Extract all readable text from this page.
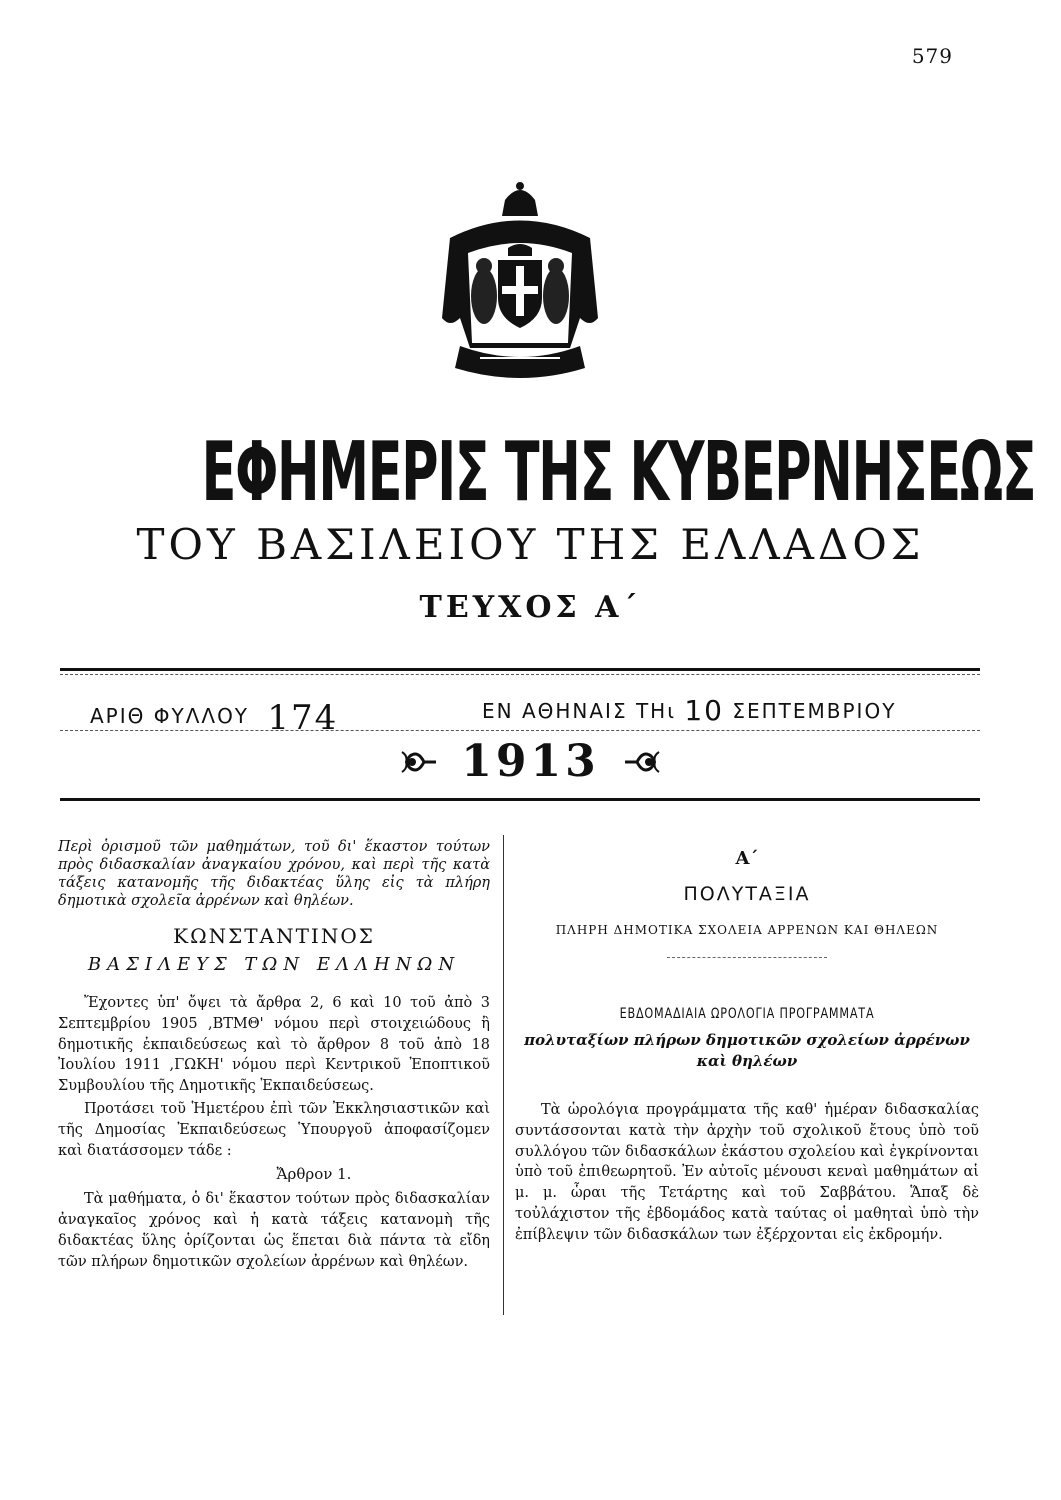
579
ΕΦΗΜΕΡΙΣ ΤΗΣ ΚΥΒΕΡΝΗΣΕΩΣ
ΤΟΥ ΒΑΣΙΛΕΙΟΥ ΤΗΣ ΕΛΛΑΔΟΣ
ΤΕΥΧΟΣ Α΄
ΑΡΙΘ ΦΥΛΛΟΥ 174	ΕΝ ΑΘΗΝΑΙΣ ΤΗι 10 ΣΕΠΤΕΜΒΡΙΟΥ
1913

Περὶ ὁρισμοῦ τῶν μαθημάτων, τοῦ δι' ἕκαστον τούτων πρὸς διδασκαλίαν ἀναγκαίου χρόνου, καὶ περὶ τῆς κατὰ τάξεις κατανομῆς τῆς διδακτέας ὕλης εἰς τὰ πλήρη δημοτικὰ σχολεῖα ἀρρένων καὶ θηλέων.

ΚΩΝΣΤΑΝΤΙΝΟΣ
ΒΑΣΙΛΕΥΣ ΤΩΝ ΕΛΛΗΝΩΝ

Ἔχοντες ὑπ' ὄψει τὰ ἄρθρα 2, 6 καὶ 10 τοῦ ἀπὸ 3 Σεπτεμβρίου 1905 ,ΒΤΜΘ' νόμου περὶ στοιχειώδους ἢ δημοτικῆς ἐκπαιδεύσεως καὶ τὸ ἄρθρον 8 τοῦ ἀπὸ 18 Ἰουλίου 1911 ,ΓΩΚΗ' νόμου περὶ Κεντρικοῦ Ἐποπτικοῦ Συμβουλίου τῆς Δημοτικῆς Ἐκπαιδεύσεως.

Προτάσει τοῦ Ἡμετέρου ἐπὶ τῶν Ἐκκλησιαστικῶν καὶ τῆς Δημοσίας Ἐκπαιδεύσεως Ὑπουργοῦ ἀποφασίζομεν καὶ διατάσσομεν τάδε :

Ἄρθρον 1.

Τὰ μαθήματα, ὁ δι' ἕκαστον τούτων πρὸς διδασκαλίαν ἀναγκαῖος χρόνος καὶ ἡ κατὰ τάξεις κατανομὴ τῆς διδακτέας ὕλης ὁρίζονται ὡς ἕπεται διὰ πάντα τὰ εἴδη τῶν πλήρων δημοτικῶν σχολείων ἀρρένων καὶ θηλέων.

Α΄
ΠΟΛΥΤΑΞΙΑ
ΠΛΗΡΗ ΔΗΜΟΤΙΚΑ ΣΧΟΛΕΙΑ ΑΡΡΕΝΩΝ ΚΑΙ ΘΗΛΕΩΝ
ΕΒΔΟΜΑΔΙΑΙΑ ΩΡΟΛΟΓΙΑ ΠΡΟΓΡΑΜΜΑΤΑ
πολυταξίων πλήρων δημοτικῶν σχολείων ἀρρένων καὶ θηλέων

Τὰ ὡρολόγια προγράμματα τῆς καθ' ἡμέραν διδασκαλίας συντάσσονται κατὰ τὴν ἀρχὴν τοῦ σχολικοῦ ἔτους ὑπὸ τοῦ συλλόγου τῶν διδασκάλων ἑκάστου σχολείου καὶ ἐγκρίνονται ὑπὸ τοῦ ἐπιθεωρητοῦ. Ἐν αὐτοῖς μένουσι κεναὶ μαθημάτων αἱ μ. μ. ὧραι τῆς Τετάρτης καὶ τοῦ Σαββάτου. Ἅπαξ δὲ τοὐλάχιστον τῆς ἑβδομάδος κατὰ ταύτας οἱ μαθηταὶ ὑπὸ τὴν ἐπίβλεψιν τῶν διδασκάλων των ἐξέρχονται εἰς ἐκδρομήν.
